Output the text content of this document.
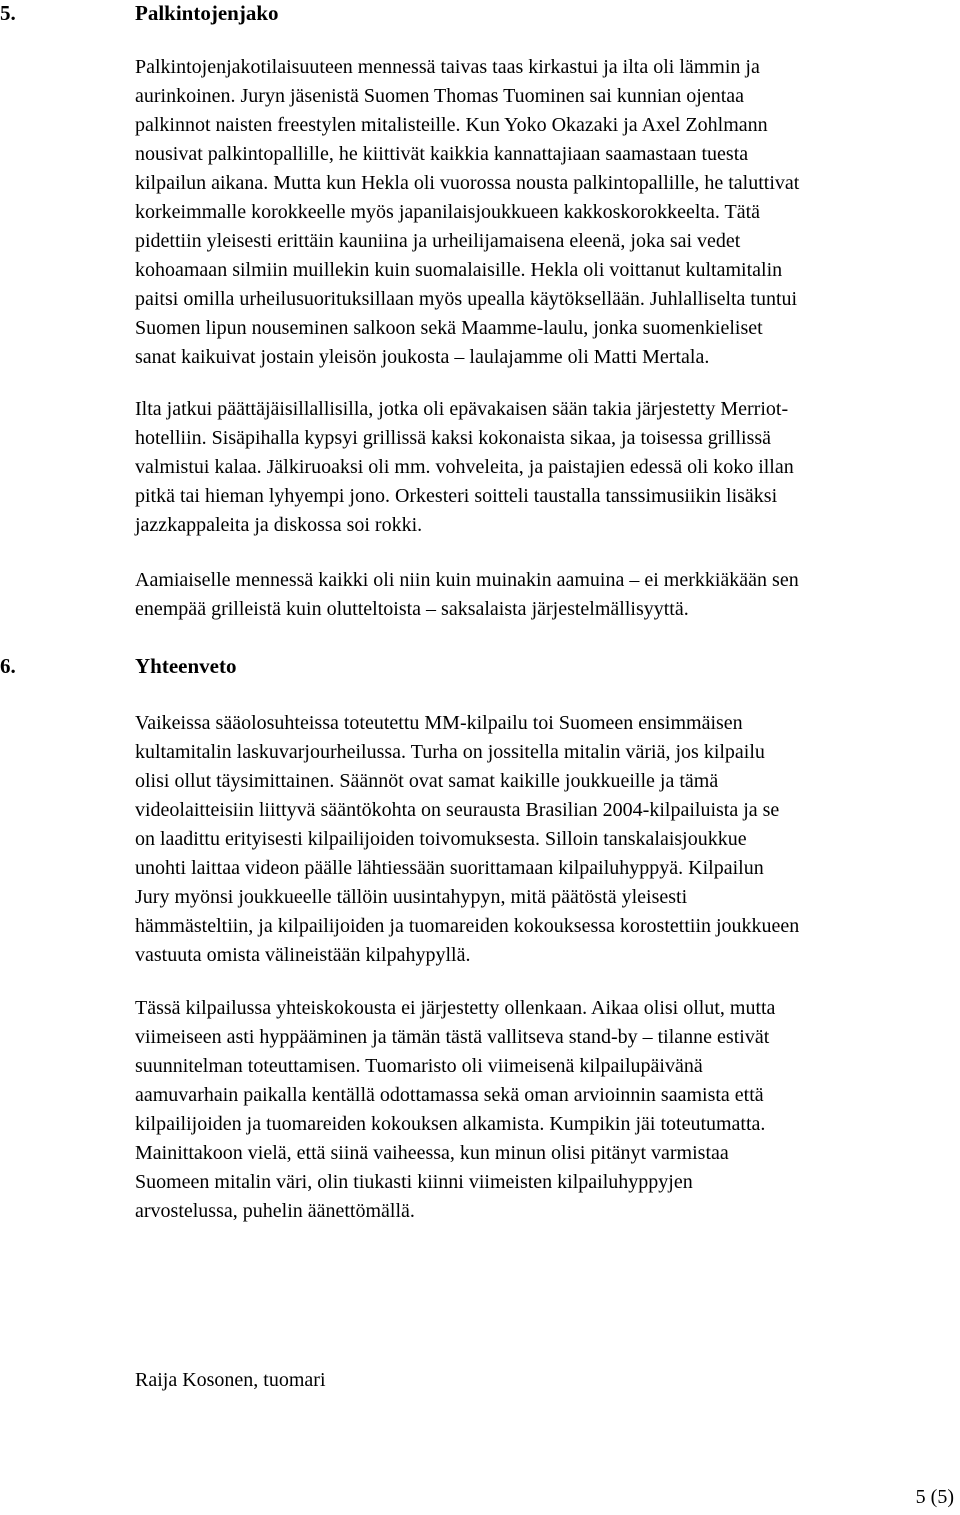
5.	Palkintojenjako
Palkintojenjakotilaisuuteen mennessä taivas taas kirkastui ja ilta oli lämmin ja
aurinkoinen. Juryn jäsenistä Suomen Thomas Tuominen sai kunnian ojentaa
palkinnot naisten freestylen mitalisteille. Kun Yoko Okazaki ja Axel Zohlmann
nousivat palkintopallille, he kiittivät kaikkia kannattajiaan saamastaan tuesta
kilpailun aikana. Mutta kun Hekla oli vuorossa nousta palkintopallille, he taluttivat
korkeimmalle korokkeelle myös japanilaisjoukkueen kakkoskorokkeelta. Tätä
pidettiin yleisesti erittäin kauniina ja urheilijamaisena eleenä, joka sai vedet
kohoamaan silmiin muillekin kuin suomalaisille. Hekla oli voittanut kultamitalin
paitsi omilla urheilusuorituksillaan myös upealla käytöksellään. Juhlalliselta tuntui
Suomen lipun nouseminen salkoon sekä Maamme-laulu, jonka suomenkieliset
sanat kaikuivat jostain yleisön joukosta – laulajamme oli Matti Mertala.
Ilta jatkui päättäjäisillallisilla, jotka oli epävakaisen sään takia järjestetty Merriot-
hotelliin. Sisäpihalla kypsyi grillissä kaksi kokonaista sikaa, ja toisessa grillissä
valmistui kalaa. Jälkiruoaksi oli mm. vohveleita, ja paistajien edessä oli koko illan
pitkä tai hieman lyhyempi jono. Orkesteri soitteli taustalla tanssimusiikin lisäksi
jazzkappaleita ja diskossa soi rokki.
Aamiaiselle mennessä kaikki oli niin kuin muinakin aamuina – ei merkkiäkään sen
enempää grilleistä kuin olutteltoista – saksalaista järjestelmällisyyttä.
6.	Yhteenveto
Vaikeissa sääolosuhteissa toteutettu MM-kilpailu toi Suomeen ensimmäisen
kultamitalin laskuvarjourheilussa. Turha on jossitella mitalin väriä, jos kilpailu
olisi ollut täysimittainen. Säännöt ovat samat kaikille joukkueille ja tämä
videolaitteisiin liittyvä sääntökohta on seuraustа Brasilian 2004-kilpailuista ja se
on laadittu erityisesti kilpailijoiden toivomuksesta. Silloin tanskalaisjoukkue
unohti laittaa videon päälle lähtiessään suorittamaan kilpailuhyppyä. Kilpailun
Jury myönsi joukkueelle tällöin uusintahypyn, mitä päätöstä yleisesti
hämmästeltiin, ja kilpailijoiden ja tuomareiden kokouksessa korostettiin joukkueen
vastuuta omista välineistään kilpahypyllä.
Tässä kilpailussa yhteiskokousta ei järjestetty ollenkaan. Aikaa olisi ollut, mutta
viimeiseen asti hyppääminen ja tämän tästä vallitseva stand-by – tilanne estivät
suunnitelman toteuttamisen. Tuomaristo oli viimeisenä kilpailupäivänä
aamuvarhain paikalla kentällä odottamassa sekä oman arvioinnin saamista että
kilpailijoiden ja tuomareiden kokouksen alkamista. Kumpikin jäi toteutumatta.
Mainittakoon vielä, että siinä vaiheessa, kun minun olisi pitänyt varmistaa
Suomeen mitalin väri, olin tiukasti kiinni viimeisten kilpailuhyppyjen
arvostelussa, puhelin äänettömällä.
Raija Kosonen, tuomari
5 (5)
